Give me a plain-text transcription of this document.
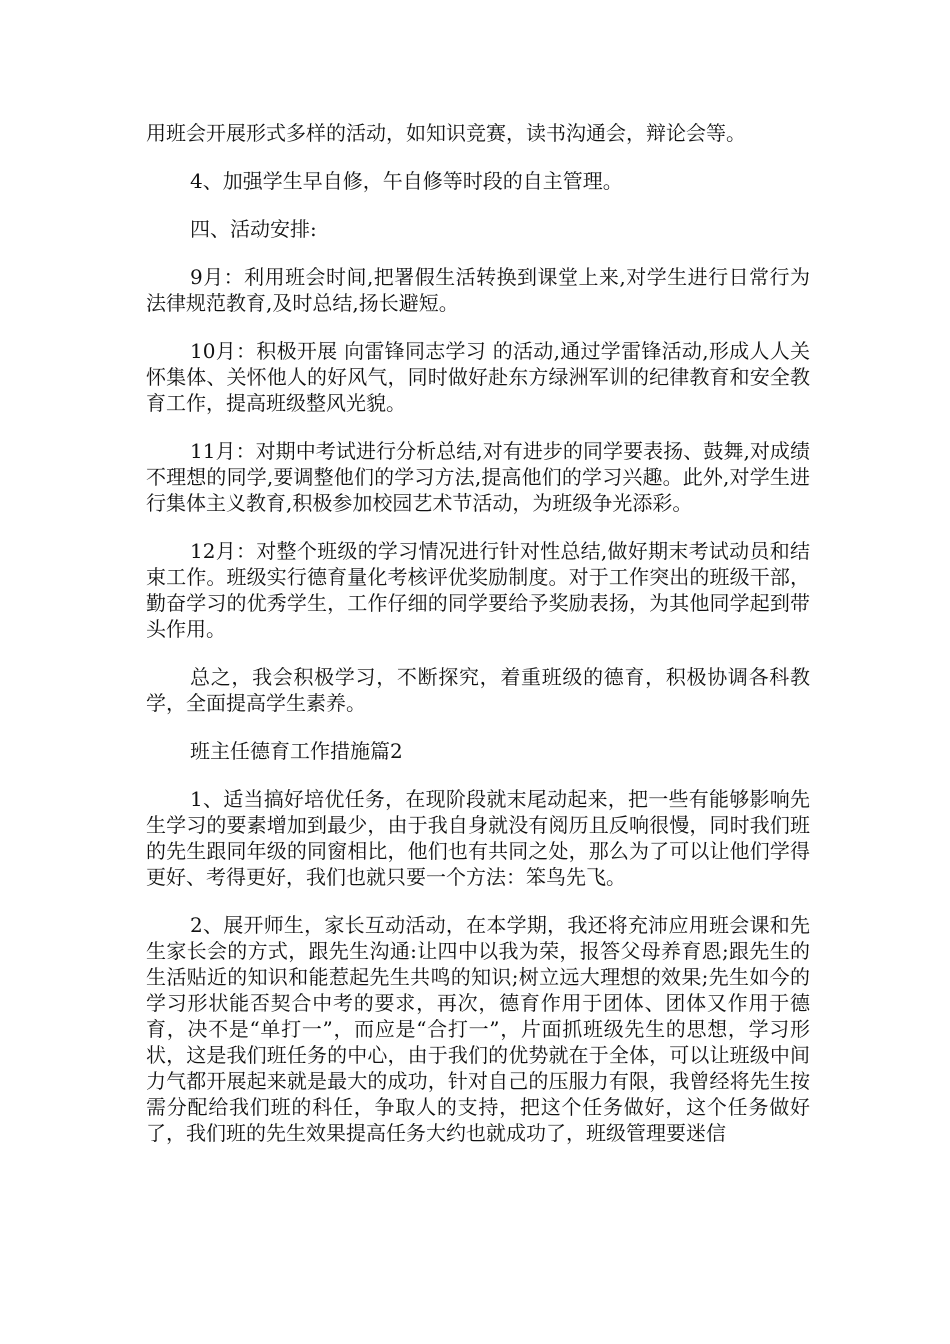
用班会开展形式多样的活动，如知识竞赛，读书沟通会，辩论会等。

4、加强学生早自修，午自修等时段的自主管理。

四、活动安排:

9月：利用班会时间,把署假生活转换到课堂上来,对学生进行日常行为法律规范教育,及时总结,扬长避短。

10月：积极开展 向雷锋同志学习 的活动,通过学雷锋活动,形成人人关怀集体、关怀他人的好风气，同时做好赴东方绿洲军训的纪律教育和安全教育工作，提高班级整风光貌。

11月：对期中考试进行分析总结,对有进步的同学要表扬、鼓舞,对成绩不理想的同学,要调整他们的学习方法,提高他们的学习兴趣。此外,对学生进行集体主义教育,积极参加校园艺术节活动，为班级争光添彩。

12月：对整个班级的学习情况进行针对性总结,做好期末考试动员和结束工作。班级实行德育量化考核评优奖励制度。对于工作突出的班级干部，勤奋学习的优秀学生，工作仔细的同学要给予奖励表扬，为其他同学起到带头作用。

总之，我会积极学习，不断探究，着重班级的德育，积极协调各科教学，全面提高学生素养。

班主任德育工作措施篇2

1、适当搞好培优任务，在现阶段就末尾动起来，把一些有能够影响先生学习的要素增加到最少，由于我自身就没有阅历且反响很慢，同时我们班的先生跟同年级的同窗相比，他们也有共同之处，那么为了可以让他们学得更好、考得更好，我们也就只要一个方法：笨鸟先飞。

2、展开师生，家长互动活动，在本学期，我还将充沛应用班会课和先生家长会的方式，跟先生沟通:让四中以我为荣，报答父母养育恩;跟先生的生活贴近的知识和能惹起先生共鸣的知识;树立远大理想的效果;先生如今的学习形状能否契合中考的要求，再次，德育作用于团体、团体又作用于德育，决不是“单打一”，而应是“合打一”，片面抓班级先生的思想，学习形状，这是我们班任务的中心，由于我们的优势就在于全体，可以让班级中间力气都开展起来就是最大的成功，针对自己的压服力有限，我曾经将先生按需分配给我们班的科任，争取人的支持，把这个任务做好，这个任务做好了，我们班的先生效果提高任务大约也就成功了，班级管理要迷信
